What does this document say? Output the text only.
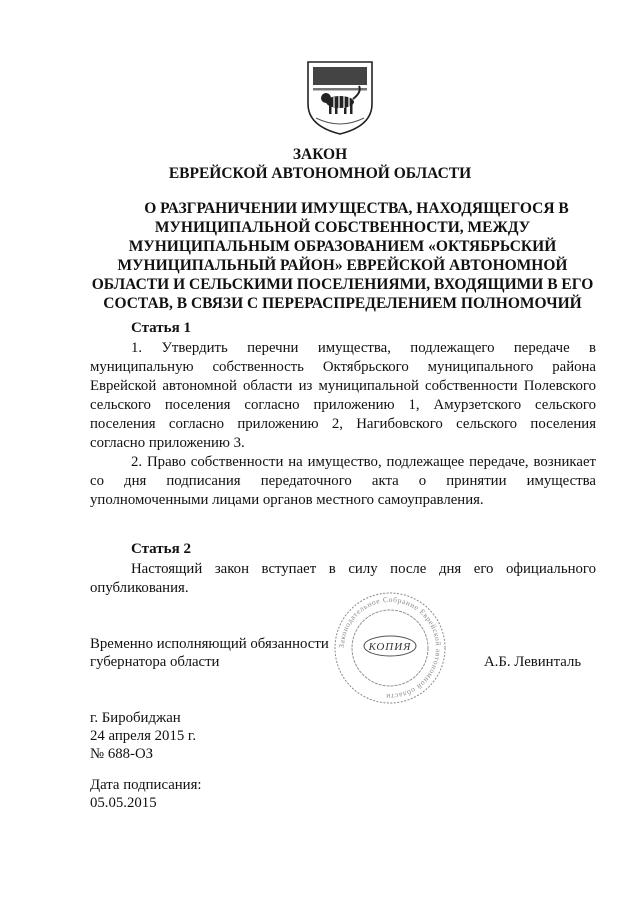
ЗАКОН
ЕВРЕЙСКОЙ АВТОНОМНОЙ ОБЛАСТИ
О РАЗГРАНИЧЕНИИ ИМУЩЕСТВА, НАХОДЯЩЕГОСЯ В
МУНИЦИПАЛЬНОЙ СОБСТВЕННОСТИ, МЕЖДУ
МУНИЦИПАЛЬНЫМ ОБРАЗОВАНИЕМ «ОКТЯБРЬСКИЙ
МУНИЦИПАЛЬНЫЙ РАЙОН» ЕВРЕЙСКОЙ АВТОНОМНОЙ
ОБЛАСТИ И СЕЛЬСКИМИ ПОСЕЛЕНИЯМИ, ВХОДЯЩИМИ В ЕГО
СОСТАВ, В СВЯЗИ С ПЕРЕРАСПРЕДЕЛЕНИЕМ ПОЛНОМОЧИЙ
Статья 1

1. Утвердить перечни имущества, подлежащего передаче в муниципальную собственность Октябрьского муниципального района Еврейской автономной области из муниципальной собственности Полевского сельского поселения согласно приложению 1, Амурзетского сельского поселения согласно приложению 2, Нагибовского сельского поселения согласно приложению 3.

2. Право собственности на имущество, подлежащее передаче, возникает со дня подписания передаточного акта о принятии имущества уполномоченными лицами органов местного самоуправления.

Статья 2

Настоящий закон вступает в силу после дня его официального опубликования.

Временно исполняющий обязанности
губернатора области	А.Б. Левинталь
Законодательное Собрание Еврейской автономной области
КОПИЯ
г. Биробиджан
24 апреля 2015 г.
№ 688-ОЗ
Дата подписания:
05.05.2015
